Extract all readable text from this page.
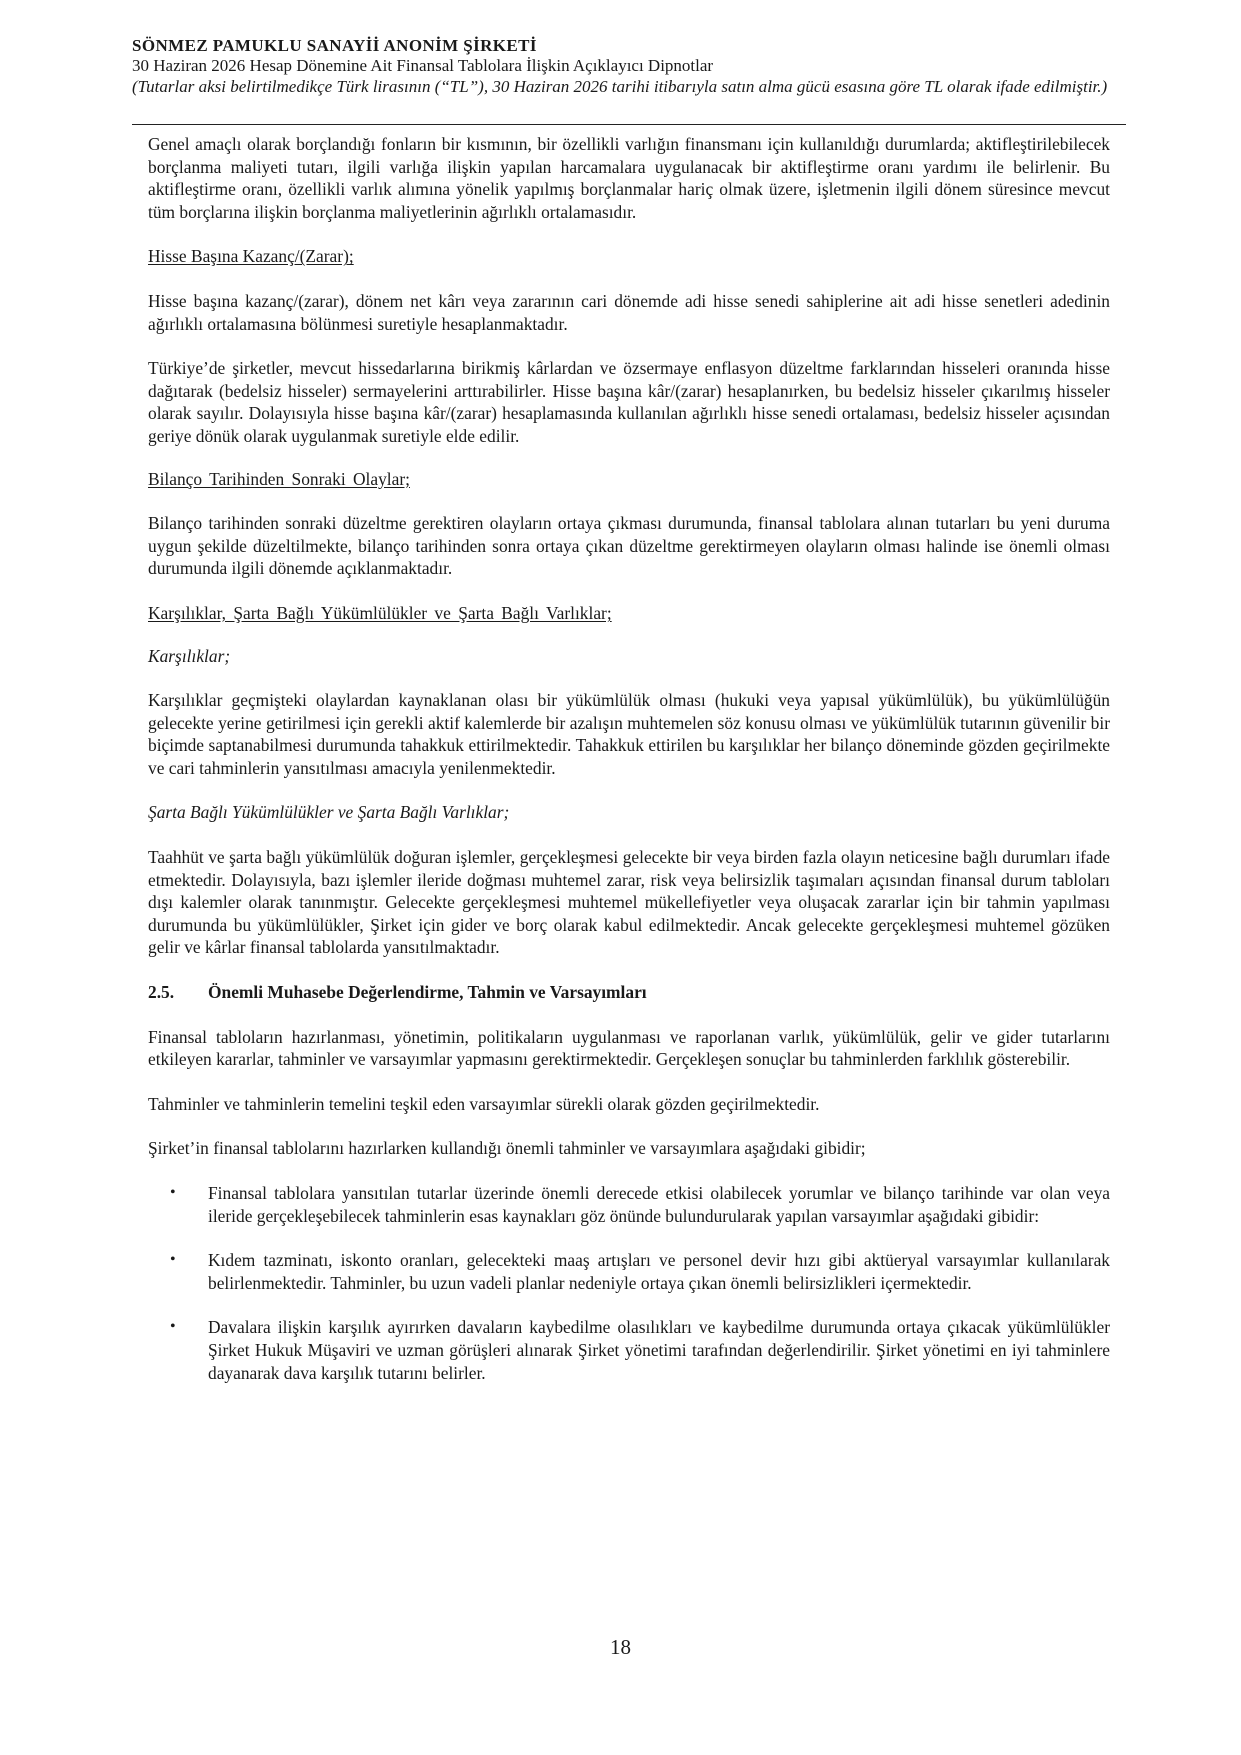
SÖNMEZ PAMUKLU SANAYİİ ANONİM ŞİRKETİ
30 Haziran 2026 Hesap Dönemine Ait Finansal Tablolara İlişkin Açıklayıcı Dipnotlar
(Tutarlar aksi belirtilmedikçe Türk lirasının (“TL”), 30 Haziran 2026 tarihi itibarıyla satın alma gücü esasına göre TL olarak ifade edilmiştir.)

Genel amaçlı olarak borçlandığı fonların bir kısmının, bir özellikli varlığın finansmanı için kullanıldığı durumlarda; aktifleştirilebilecek borçlanma maliyeti tutarı, ilgili varlığa ilişkin yapılan harcamalara uygulanacak bir aktifleştirme oranı yardımı ile belirlenir. Bu aktifleştirme oranı, özellikli varlık alımına yönelik yapılmış borçlanmalar hariç olmak üzere, işletmenin ilgili dönem süresince mevcut tüm borçlarına ilişkin borçlanma maliyetlerinin ağırlıklı ortalamasıdır.

Hisse Başına Kazanç/(Zarar);

Hisse başına kazanç/(zarar), dönem net kârı veya zararının cari dönemde adi hisse senedi sahiplerine ait adi hisse senetleri adedinin ağırlıklı ortalamasına bölünmesi suretiyle hesaplanmaktadır.

Türkiye’de şirketler, mevcut hissedarlarına birikmiş kârlardan ve özsermaye enflasyon düzeltme farklarından hisseleri oranında hisse dağıtarak (bedelsiz hisseler) sermayelerini arttırabilirler. Hisse başına kâr/(zarar) hesaplanırken, bu bedelsiz hisseler çıkarılmış hisseler olarak sayılır. Dolayısıyla hisse başına kâr/(zarar) hesaplamasında kullanılan ağırlıklı hisse senedi ortalaması, bedelsiz hisseler açısından geriye dönük olarak uygulanmak suretiyle elde edilir.

Bilanço Tarihinden Sonraki Olaylar;

Bilanço tarihinden sonraki düzeltme gerektiren olayların ortaya çıkması durumunda, finansal tablolara alınan tutarları bu yeni duruma uygun şekilde düzeltilmekte, bilanço tarihinden sonra ortaya çıkan düzeltme gerektirmeyen olayların olması halinde ise önemli olması durumunda ilgili dönemde açıklanmaktadır.

Karşılıklar, Şarta Bağlı Yükümlülükler ve Şarta Bağlı Varlıklar;

Karşılıklar;

Karşılıklar geçmişteki olaylardan kaynaklanan olası bir yükümlülük olması (hukuki veya yapısal yükümlülük), bu yükümlülüğün gelecekte yerine getirilmesi için gerekli aktif kalemlerde bir azalışın muhtemelen söz konusu olması ve yükümlülük tutarının güvenilir bir biçimde saptanabilmesi durumunda tahakkuk ettirilmektedir. Tahakkuk ettirilen bu karşılıklar her bilanço döneminde gözden geçirilmekte ve cari tahminlerin yansıtılması amacıyla yenilenmektedir.

Şarta Bağlı Yükümlülükler ve Şarta Bağlı Varlıklar;

Taahhüt ve şarta bağlı yükümlülük doğuran işlemler, gerçekleşmesi gelecekte bir veya birden fazla olayın neticesine bağlı durumları ifade etmektedir. Dolayısıyla, bazı işlemler ileride doğması muhtemel zarar, risk veya belirsizlik taşımaları açısından finansal durum tabloları dışı kalemler olarak tanınmıştır. Gelecekte gerçekleşmesi muhtemel mükellefiyetler veya oluşacak zararlar için bir tahmin yapılması durumunda bu yükümlülükler, Şirket için gider ve borç olarak kabul edilmektedir. Ancak gelecekte gerçekleşmesi muhtemel gözüken gelir ve kârlar finansal tablolarda yansıtılmaktadır.

2.5.	Önemli Muhasebe Değerlendirme, Tahmin ve Varsayımları

Finansal tabloların hazırlanması, yönetimin, politikaların uygulanması ve raporlanan varlık, yükümlülük, gelir ve gider tutarlarını etkileyen kararlar, tahminler ve varsayımlar yapmasını gerektirmektedir. Gerçekleşen sonuçlar bu tahminlerden farklılık gösterebilir.

Tahminler ve tahminlerin temelini teşkil eden varsayımlar sürekli olarak gözden geçirilmektedir.

Şirket’in finansal tablolarını hazırlarken kullandığı önemli tahminler ve varsayımlara aşağıdaki gibidir;

• Finansal tablolara yansıtılan tutarlar üzerinde önemli derecede etkisi olabilecek yorumlar ve bilanço tarihinde var olan veya ileride gerçekleşebilecek tahminlerin esas kaynakları göz önünde bulundurularak yapılan varsayımlar aşağıdaki gibidir:
• Kıdem tazminatı, iskonto oranları, gelecekteki maaş artışları ve personel devir hızı gibi aktüeryal varsayımlar kullanılarak belirlenmektedir. Tahminler, bu uzun vadeli planlar nedeniyle ortaya çıkan önemli belirsizlikleri içermektedir.
• Davalara ilişkin karşılık ayırırken davaların kaybedilme olasılıkları ve kaybedilme durumunda ortaya çıkacak yükümlülükler Şirket Hukuk Müşaviri ve uzman görüşleri alınarak Şirket yönetimi tarafından değerlendirilir. Şirket yönetimi en iyi tahminlere dayanarak dava karşılık tutarını belirler.
18
